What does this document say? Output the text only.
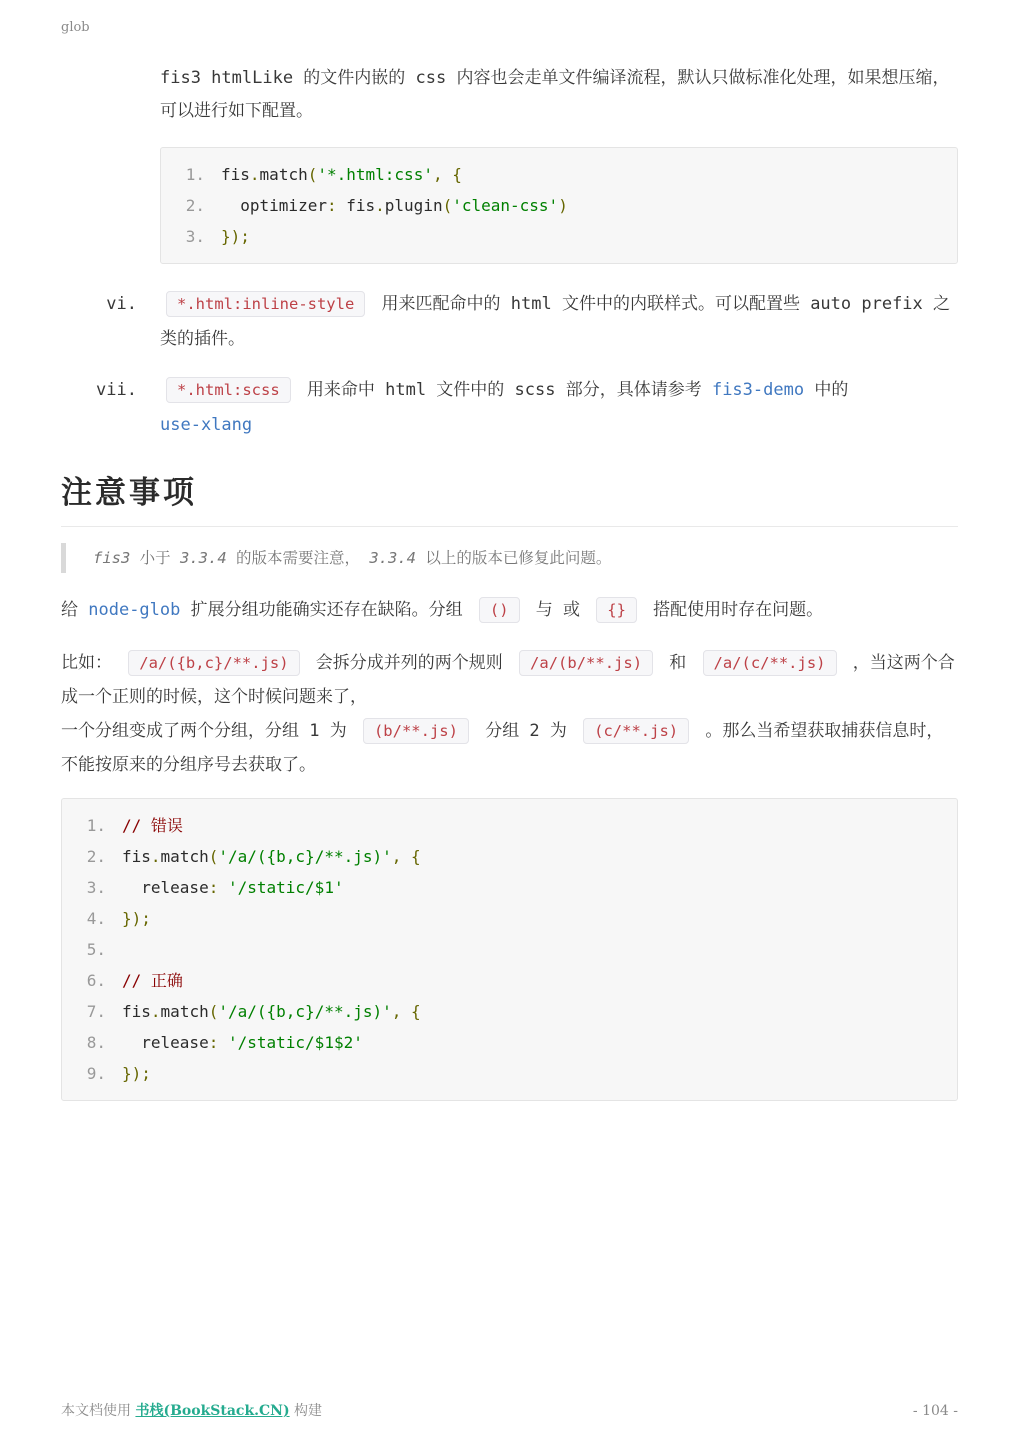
glob

fis3 htmlLike 的文件内嵌的 css 内容也会走单文件编译流程，默认只做标准化处理，如果想压缩，可以进行如下配置。

1. fis.match('*.html:css', {
2. optimizer: fis.plugin('clean-css')
3. });
vi.	*.html:inline-style 用来匹配命中的 html 文件中的内联样式。可以配置些 auto prefix 之类的插件。
vii.	*.html:scss 用来命中 html 文件中的 scss 部分，具体请参考 fis3-demo 中的
use-xlang
注意事项
fis3 小于 3.3.4 的版本需要注意， 3.3.4 以上的版本已修复此问题。

给 node-glob 扩展分组功能确实还存在缺陷。分组 () 与 或 {} 搭配使用时存在问题。

比如： /a/({b,c}/**.js) 会拆分成并列的两个规则 /a/(b/**.js) 和 /a/(c/**.js) ，当这两个合成一个正则的时候，这个时候问题来了，
一个分组变成了两个分组，分组 1 为 (b/**.js) 分组 2 为 (c/**.js) 。那么当希望获取捕获信息时，不能按原来的分组序号去获取了。

1. // 错误
2. fis.match('/a/({b,c}/**.js)', {
3. release: '/static/$1'
4. });
5.
6. // 正确
7. fis.match('/a/({b,c}/**.js)', {
8. release: '/static/$1$2'
9. });
本文档使用 书栈(BookStack.CN) 构建	- 104 -
